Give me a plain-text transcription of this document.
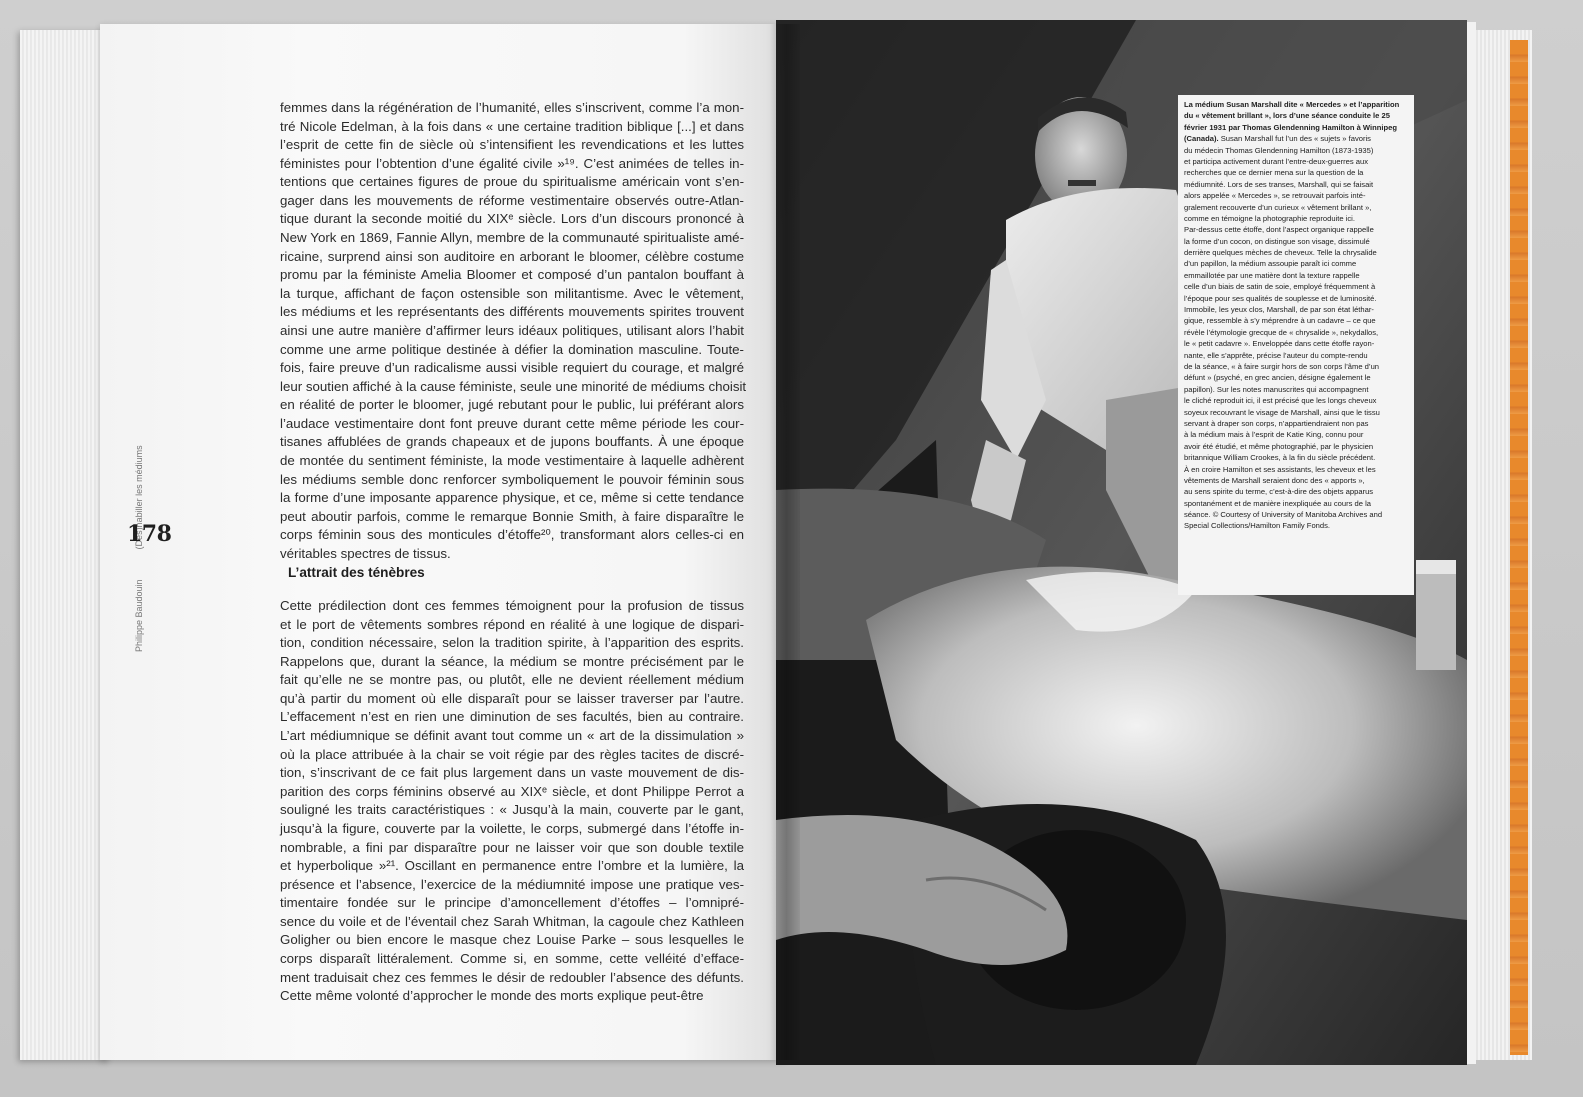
Philippe Baudouin(Dés)habiller les médiums
178
femmes dans la régénération de l’humanité, elles s’inscrivent, comme l’a mon-
tré Nicole Edelman, à la fois dans « une certaine tradition biblique [...] et dans
l’esprit de cette fin de siècle où s’intensifient les revendications et les luttes
féministes pour l’obtention d’une égalité civile »¹⁹. C’est animées de telles in-
tentions que certaines figures de proue du spiritualisme américain vont s’en-
gager dans les mouvements de réforme vestimentaire observés outre-Atlan-
tique durant la seconde moitié du XIXᵉ siècle. Lors d’un discours prononcé à
New York en 1869, Fannie Allyn, membre de la communauté spiritualiste amé-
ricaine, surprend ainsi son auditoire en arborant le bloomer, célèbre costume
promu par la féministe Amelia Bloomer et composé d’un pantalon bouffant à
la turque, affichant de façon ostensible son militantisme. Avec le vêtement,
les médiums et les représentants des différents mouvements spirites trouvent
ainsi une autre manière d’affirmer leurs idéaux politiques, utilisant alors l’habit
comme une arme politique destinée à défier la domination masculine. Toute-
fois, faire preuve d’un radicalisme aussi visible requiert du courage, et malgré
leur soutien affiché à la cause féministe, seule une minorité de médiums choisit
en réalité de porter le bloomer, jugé rebutant pour le public, lui préférant alors
l’audace vestimentaire dont font preuve durant cette même période les cour-
tisanes affublées de grands chapeaux et de jupons bouffants. À une époque
de montée du sentiment féministe, la mode vestimentaire à laquelle adhèrent
les médiums semble donc renforcer symboliquement le pouvoir féminin sous
la forme d’une imposante apparence physique, et ce, même si cette tendance
peut aboutir parfois, comme le remarque Bonnie Smith, à faire disparaître le
corps féminin sous des monticules d’étoffe²⁰, transformant alors celles-ci en
véritables spectres de tissus.
L’attrait des ténèbres
Cette prédilection dont ces femmes témoignent pour la profusion de tissus
et le port de vêtements sombres répond en réalité à une logique de dispari-
tion, condition nécessaire, selon la tradition spirite, à l’apparition des esprits.
Rappelons que, durant la séance, la médium se montre précisément par le
fait qu’elle ne se montre pas, ou plutôt, elle ne devient réellement médium
qu’à partir du moment où elle disparaît pour se laisser traverser par l’autre.
L’effacement n’est en rien une diminution de ses facultés, bien au contraire.
L’art médiumnique se définit avant tout comme un « art de la dissimulation »
où la place attribuée à la chair se voit régie par des règles tacites de discré-
tion, s’inscrivant de ce fait plus largement dans un vaste mouvement de dis-
parition des corps féminins observé au XIXᵉ siècle, et dont Philippe Perrot a
souligné les traits caractéristiques : « Jusqu’à la main, couverte par le gant,
jusqu’à la figure, couverte par la voilette, le corps, submergé dans l’étoffe in-
nombrable, a fini par disparaître pour ne laisser voir que son double textile
et hyperbolique »²¹. Oscillant en permanence entre l’ombre et la lumière, la
présence et l’absence, l’exercice de la médiumnité impose une pratique ves-
timentaire fondée sur le principe d’amoncellement d’étoffes – l’omnipré-
sence du voile et de l’éventail chez Sarah Whitman, la cagoule chez Kathleen
Goligher ou bien encore le masque chez Louise Parke – sous lesquelles le
corps disparaît littéralement. Comme si, en somme, cette velléité d’efface-
ment traduisait chez ces femmes le désir de redoubler l’absence des défunts.
Cette même volonté d’approcher le monde des morts explique peut-être
La médium Susan Marshall dite « Mercedes » et l’apparition
du « vêtement brillant », lors d’une séance conduite le 25
février 1931 par Thomas Glendenning Hamilton à Winnipeg
(Canada). Susan Marshall fut l’un des « sujets » favoris
du médecin Thomas Glendenning Hamilton (1873-1935)
et participa activement durant l’entre-deux-guerres aux
recherches que ce dernier mena sur la question de la
médiumnité. Lors de ses transes, Marshall, qui se faisait
alors appelée « Mercedes », se retrouvait parfois inté-
gralement recouverte d’un curieux « vêtement brillant »,
comme en témoigne la photographie reproduite ici.
Par-dessus cette étoffe, dont l’aspect organique rappelle
la forme d’un cocon, on distingue son visage, dissimulé
derrière quelques mèches de cheveux. Telle la chrysalide
d’un papillon, la médium assoupie paraît ici comme
emmaillotée par une matière dont la texture rappelle
celle d’un biais de satin de soie, employé fréquemment à
l’époque pour ses qualités de souplesse et de luminosité.
Immobile, les yeux clos, Marshall, de par son état léthar-
gique, ressemble à s’y méprendre à un cadavre – ce que
révèle l’étymologie grecque de « chrysalide », nekydallos,
le « petit cadavre ». Enveloppée dans cette étoffe rayon-
nante, elle s’apprête, précise l’auteur du compte-rendu
de la séance, « à faire surgir hors de son corps l’âme d’un
défunt » (psyché, en grec ancien, désigne également le
papillon). Sur les notes manuscrites qui accompagnent
le cliché reproduit ici, il est précisé que les longs cheveux
soyeux recouvrant le visage de Marshall, ainsi que le tissu
servant à draper son corps, n’appartiendraient non pas
à la médium mais à l’esprit de Katie King, connu pour
avoir été étudié, et même photographié, par le physicien
britannique William Crookes, à la fin du siècle précédent.
À en croire Hamilton et ses assistants, les cheveux et les
vêtements de Marshall seraient donc des « apports »,
au sens spirite du terme, c’est-à-dire des objets apparus
spontanément et de manière inexpliquée au cours de la
séance. © Courtesy of University of Manitoba Archives and
Special Collections/Hamilton Family Fonds.
